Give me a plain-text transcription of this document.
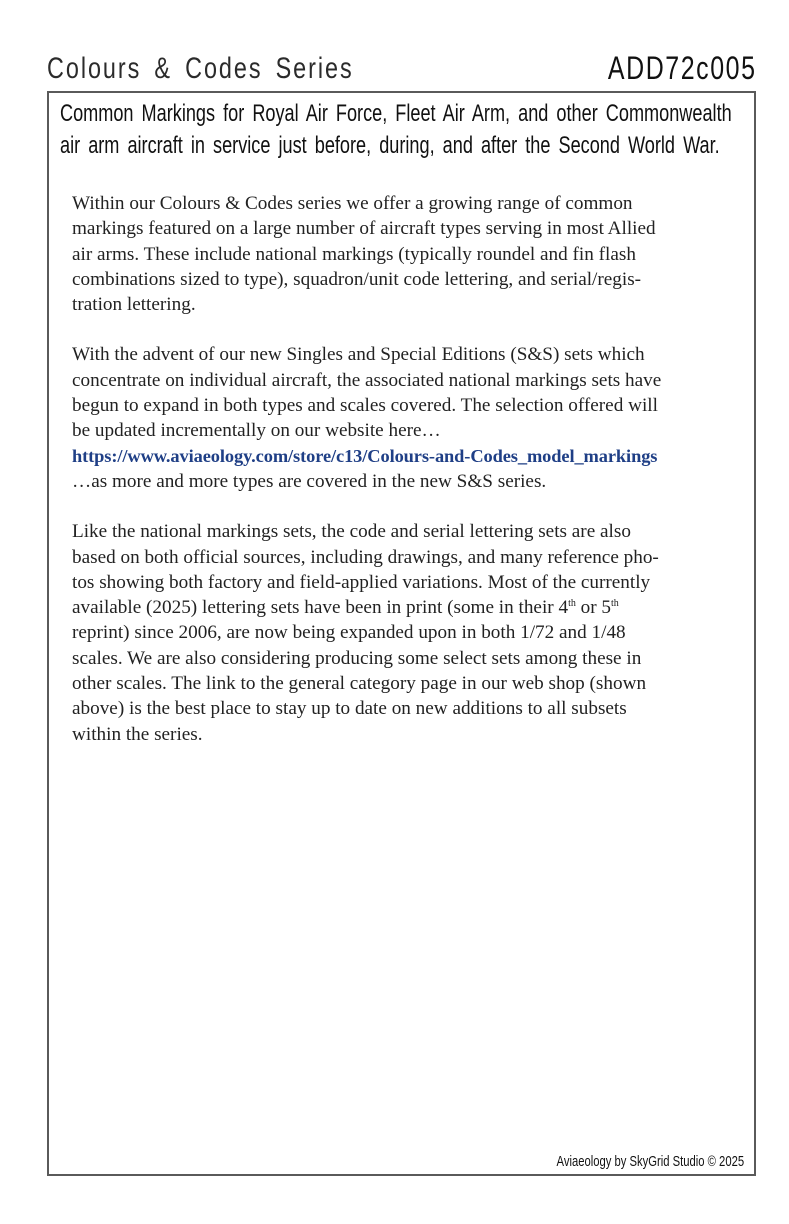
Colours & Codes Series	ADD72c005
Common Markings for Royal Air Force, Fleet Air Arm, and other Commonwealth
air arm aircraft in service just before, during, and after the Second World War.

Within our Colours & Codes series we offer a growing range of common
markings featured on a large number of aircraft types serving in most Allied
air arms. These include national markings (typically roundel and fin flash
combinations sized to type), squadron/unit code lettering, and serial/regis-
tration lettering.

With the advent of our new Singles and Special Editions (S&S) sets which
concentrate on individual aircraft, the associated national markings sets have
begun to expand in both types and scales covered. The selection offered will
be updated incrementally on our website here…
https://www.aviaeology.com/store/c13/Colours-and-Codes_model_markings
…as more and more types are covered in the new S&S series.

Like the national markings sets, the code and serial lettering sets are also
based on both official sources, including drawings, and many reference pho-
tos showing both factory and field-applied variations. Most of the currently
available (2025) lettering sets have been in print (some in their 4th or 5th
reprint) since 2006, are now being expanded upon in both 1/72 and 1/48
scales. We are also considering producing some select sets among these in
other scales. The link to the general category page in our web shop (shown
above) is the best place to stay up to date on new additions to all subsets
within the series.

Aviaeology by SkyGrid Studio © 2025
